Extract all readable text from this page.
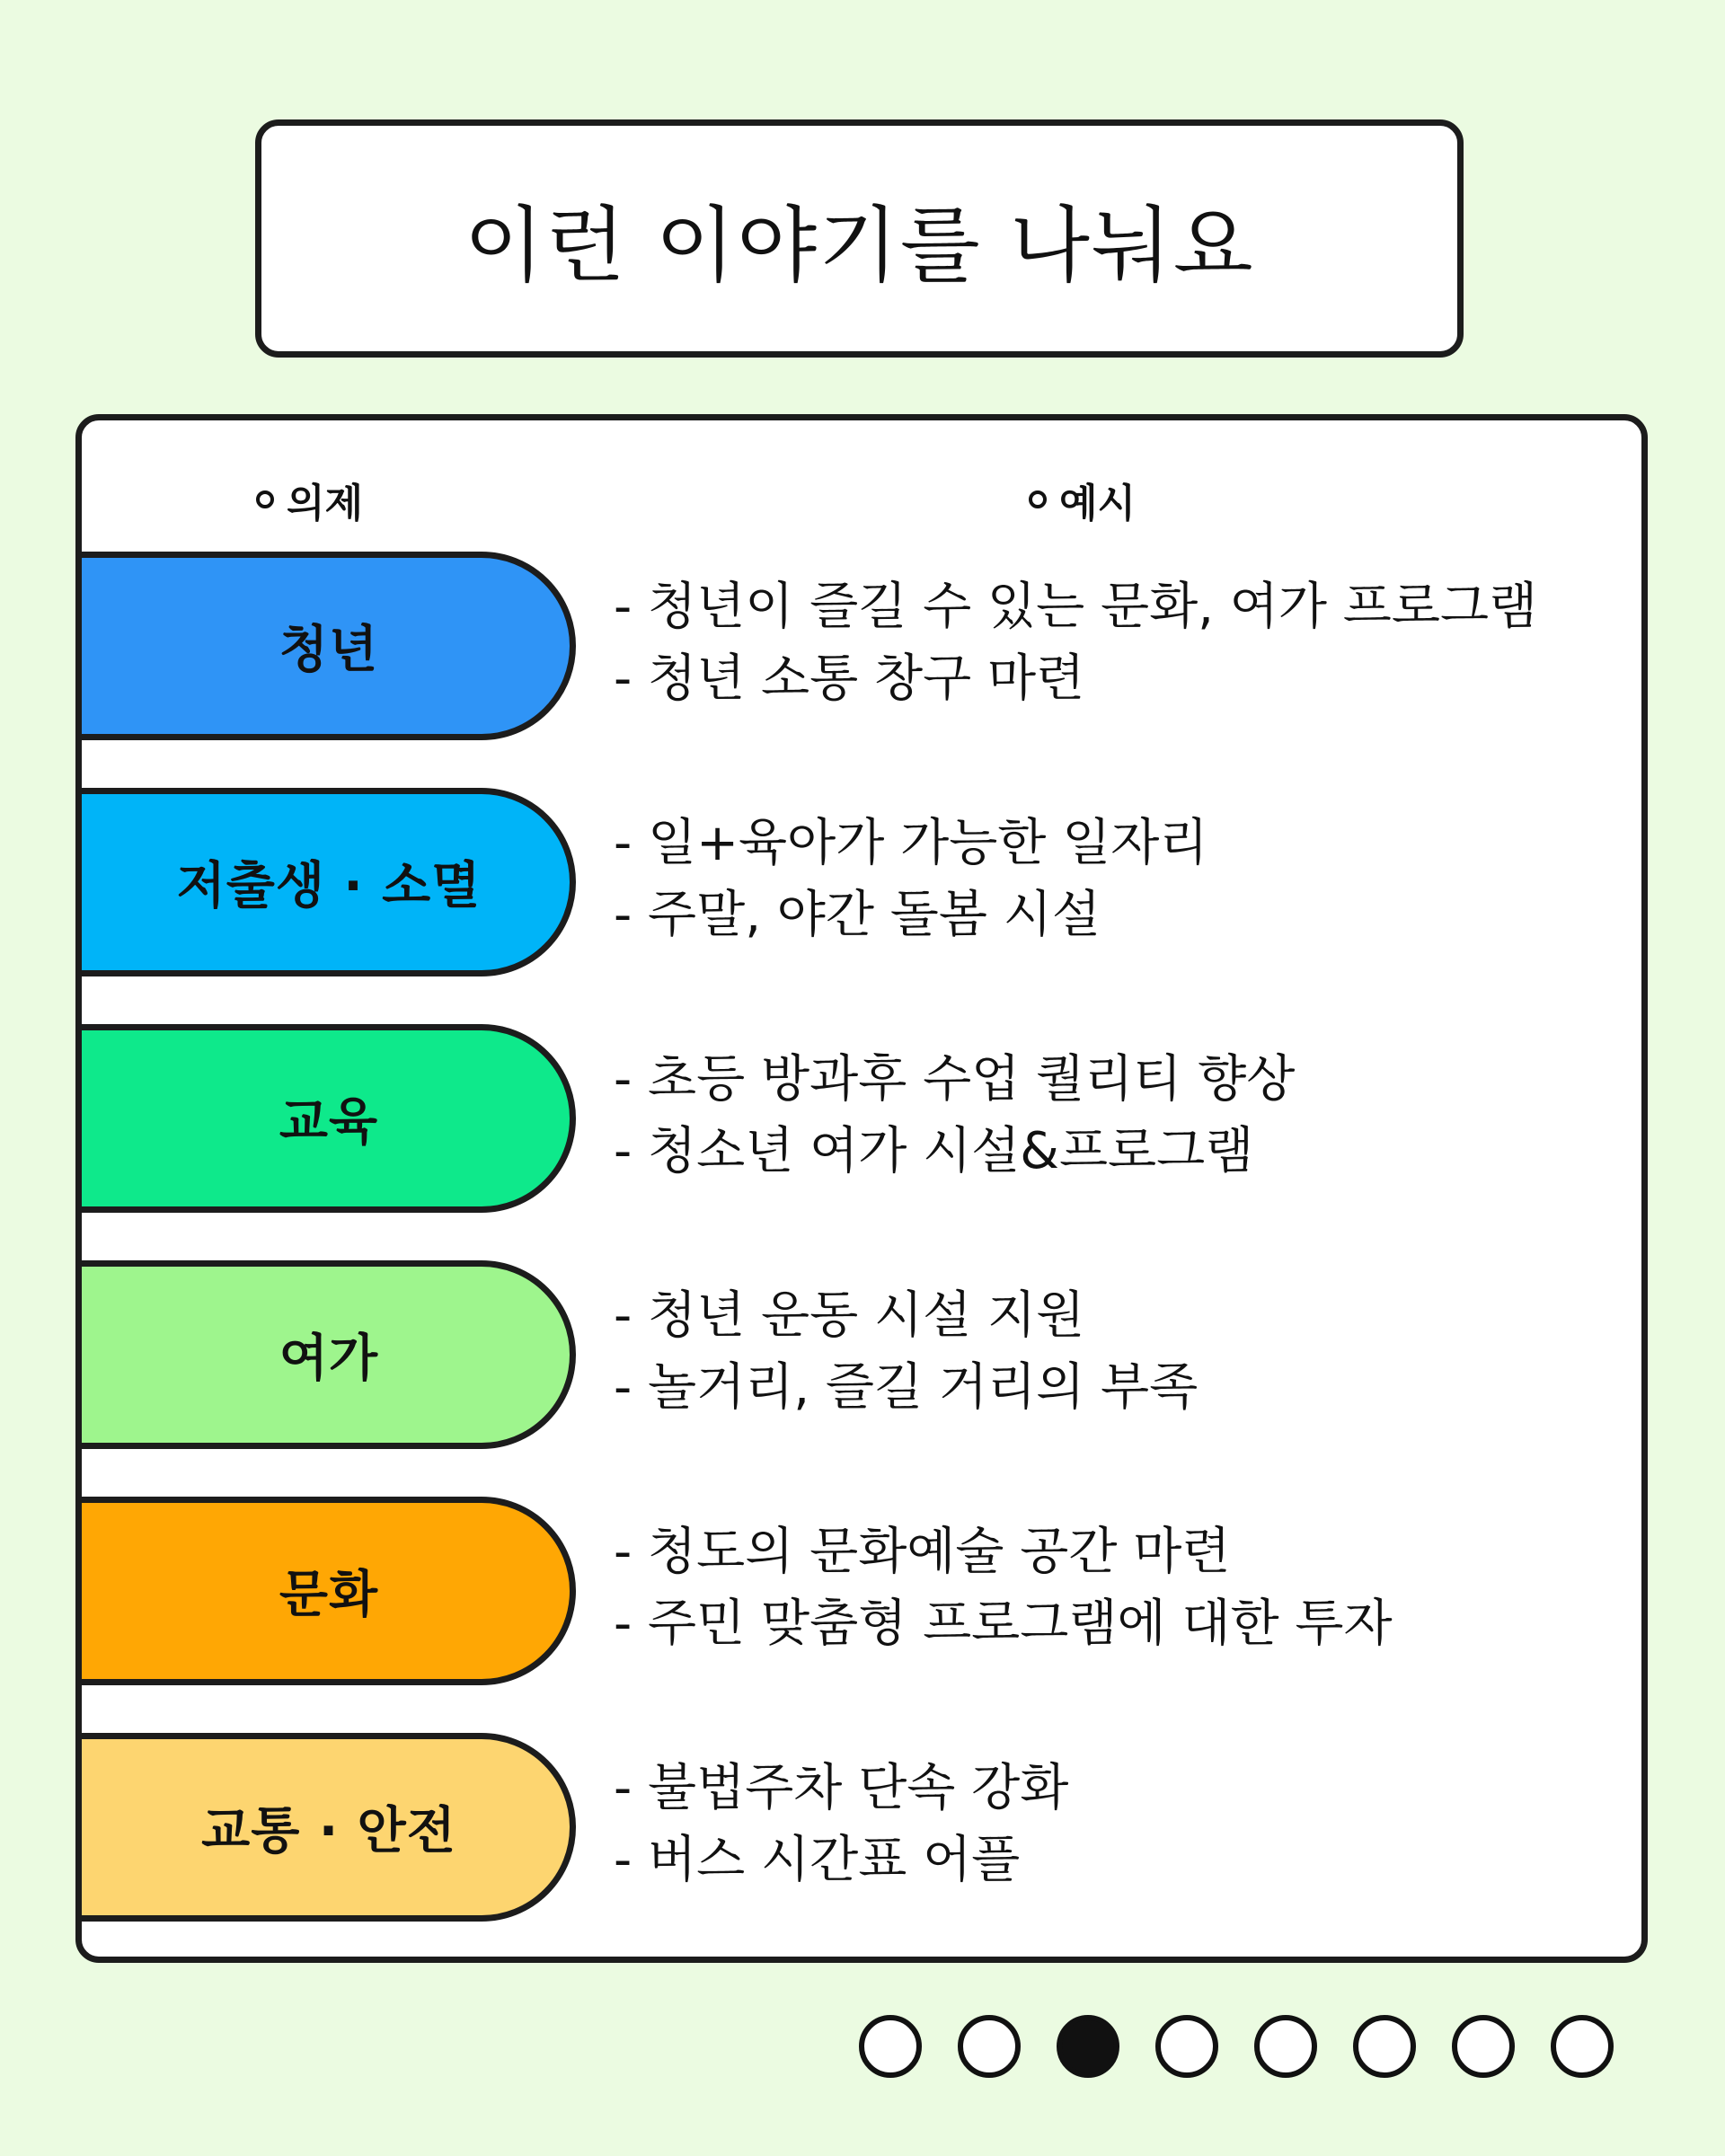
이런 이야기를 나눠요
의제	예시
청년
- 청년이 즐길 수 있는 문화, 여가 프로그램
- 청년 소통 창구 마련
저출생 · 소멸
- 일+육아가 가능한 일자리
- 주말, 야간 돌봄 시설
교육
- 초등 방과후 수업 퀄리티 향상
- 청소년 여가 시설&프로그램
여가
- 청년 운동 시설 지원
- 놀거리, 즐길 거리의 부족
문화
- 청도의 문화예술 공간 마련
- 주민 맞춤형 프로그램에 대한 투자
교통 · 안전
- 불법주차 단속 강화
- 버스 시간표 어플
